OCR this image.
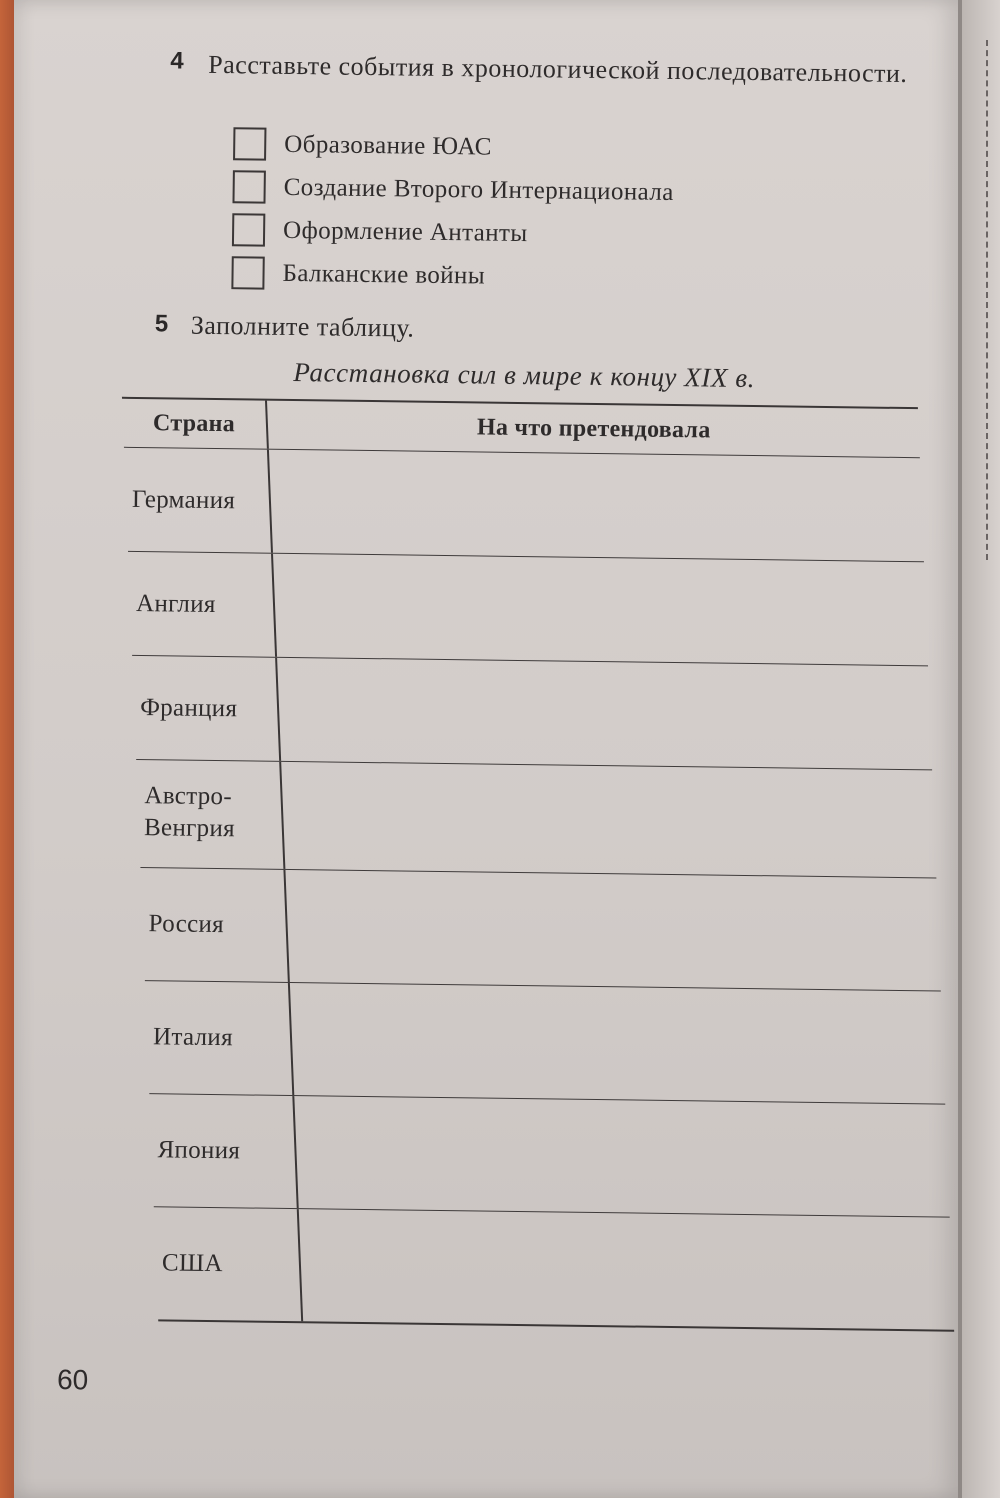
4 Расставьте события в хронологической последовательности.
Образование ЮАС
Создание Второго Интернационала
Оформление Антанты
Балканские войны
5 Заполните таблицу.
Расстановка сил в мире к концу XIX в.
Страна	На что претендовала
Германия
Англия
Франция
Австро-Венгрия
Россия
Италия
Япония
США
60
